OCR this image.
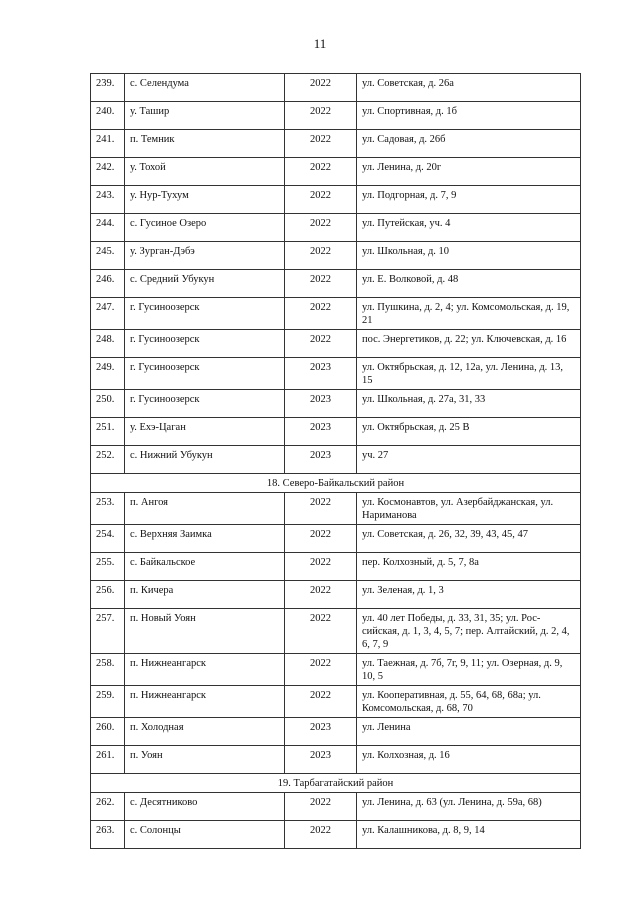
11
239.	с. Селендума	2022	ул. Советская, д. 26а
240.	у. Ташир	2022	ул. Спортивная, д. 1б
241.	п. Темник	2022	ул. Садовая, д. 26б
242.	у. Тохой	2022	ул. Ленина, д. 20г
243.	у. Нур-Тухум	2022	ул. Подгорная, д. 7, 9
244.	с. Гусиное Озеро	2022	ул. Путейская, уч. 4
245.	у. Зурган-Дэбэ	2022	ул. Школьная, д. 10
246.	с. Средний Убукун	2022	ул. Е. Волковой, д. 48
247.	г. Гусиноозерск	2022	ул. Пушкина, д. 2, 4; ул. Комсомольская, д. 19, 21
248.	г. Гусиноозерск	2022	пос. Энергетиков, д. 22; ул. Ключевская, д. 16
249.	г. Гусиноозерск	2023	ул. Октябрьская, д. 12, 12а, ул. Ленина, д. 13, 15
250.	г. Гусиноозерск	2023	ул. Школьная, д. 27а, 31, 33
251.	у. Ехэ-Цаган	2023	ул. Октябрьская, д. 25 В
252.	с. Нижний Убукун	2023	уч. 27
18. Северо-Байкальский район			
253.	п. Ангоя	2022	ул. Космонавтов, ул. Азербайджанская, ул. Нариманова
254.	с. Верхняя Заимка	2022	ул. Советская, д. 26, 32, 39, 43, 45, 47
255.	с. Байкальское	2022	пер. Колхозный, д. 5, 7, 8а
256.	п. Кичера	2022	ул. Зеленая, д. 1, 3
257.	п. Новый Уоян	2022	ул. 40 лет Победы, д. 33, 31, 35; ул. Рос-сийская, д. 1, 3, 4, 5, 7; пер. Алтайский, д. 2, 4, 6, 7, 9
258.	п. Нижнеангарск	2022	ул. Таежная, д. 7б, 7г, 9, 11; ул. Озерная, д. 9, 10, 5
259.	п. Нижнеангарск	2022	ул. Кооперативная, д. 55, 64, 68, 68а; ул. Комсомольская, д. 68, 70
260.	п. Холодная	2023	ул. Ленина
261.	п. Уоян	2023	ул. Колхозная, д. 16
19. Тарбагатайский район			
262.	с. Десятниково	2022	ул. Ленина, д. 63 (ул. Ленина, д. 59а, 68)
263.	с. Солонцы	2022	ул. Калашникова, д. 8, 9, 14
